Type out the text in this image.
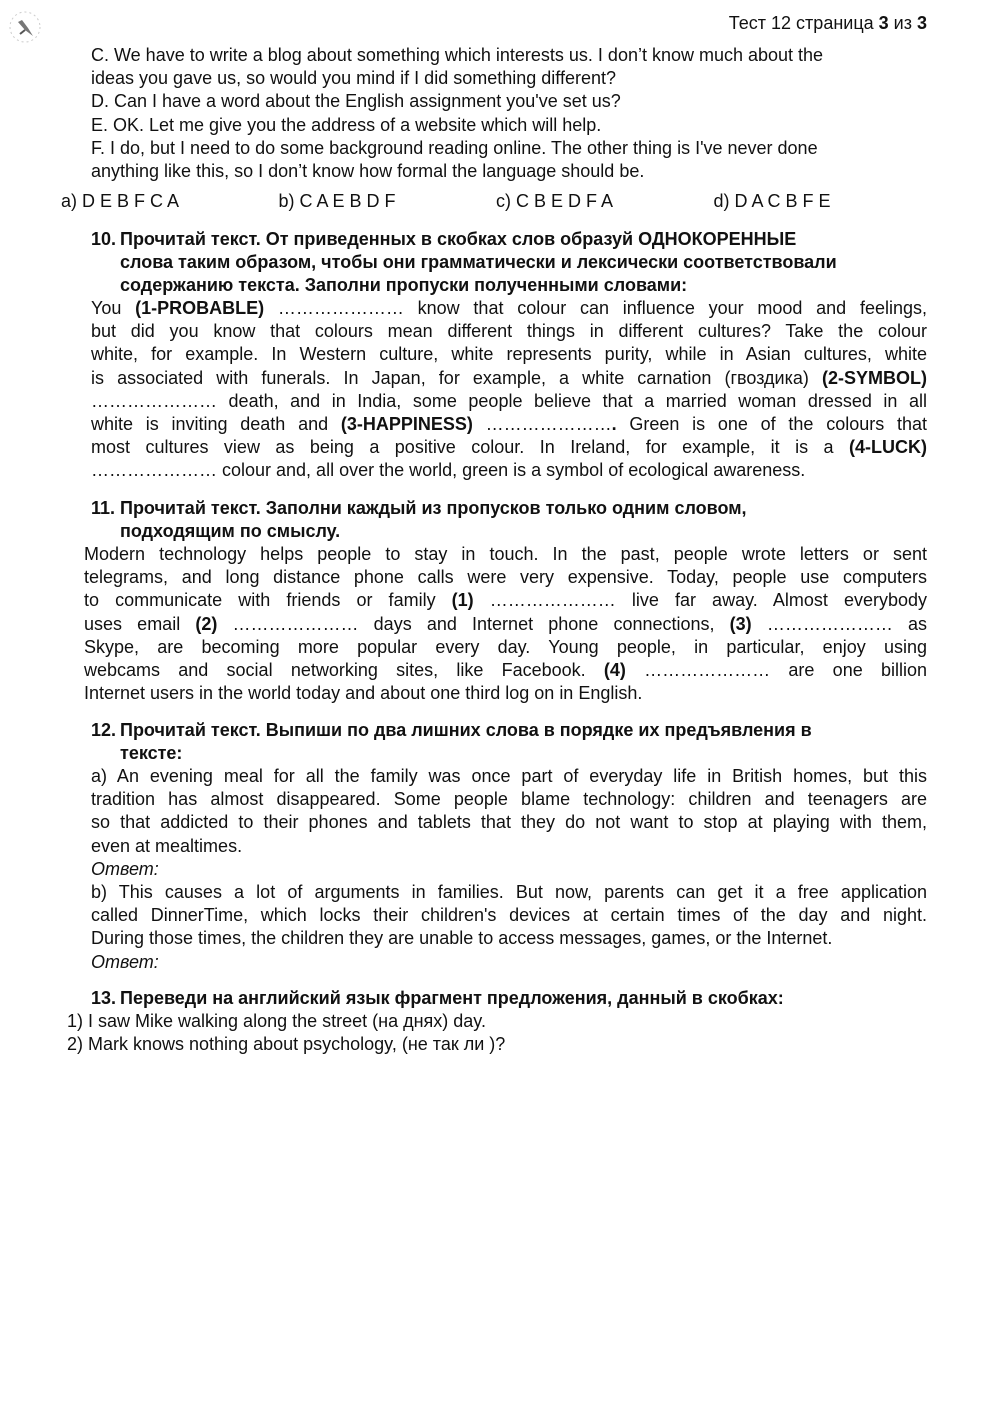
Тест 12 страница 3 из 3
C. We have to write a blog about something which interests us. I don’t know much about the
ideas you gave us, so would you mind if I did something different?
D. Can I have a word about the English assignment you've set us?
E. OK. Let me give you the address of a website which will help.
F. I do, but I need to do some background reading online. The other thing is I've never done
anything like this, so I don’t know how formal the language should be.
a) D E B F C A	b) C A E B D F	c) C B E D F A	d) D A C B F E
10. Прочитай текст. От приведенных в скобках слов образуй ОДНОКОРЕННЫЕ
слова таким образом, чтобы они грамматически и лексически соответствовали
содержанию текста. Заполни пропуски полученными словами:
You (1-PROBABLE) ………………… know that colour can influence your mood and feelings,
but did you know that colours mean different things in different cultures? Take the colour
white, for example. In Western culture, white represents purity, while in Asian cultures, white
is associated with funerals. In Japan, for example, a white carnation (гвоздика) (2-SYMBOL)
………………… death, and in India, some people believe that a married woman dressed in all
white is inviting death and (3-HAPPINESS) …………………. Green is one of the colours that
most cultures view as being a positive colour. In Ireland, for example, it is a (4-LUCK)
………………… colour and, all over the world, green is a symbol of ecological awareness.
11. Прочитай текст. Заполни каждый из пропусков только одним словом,
подходящим по смыслу.
Modern technology helps people to stay in touch. In the past, people wrote letters or sent
telegrams, and long distance phone calls were very expensive. Today, people use computers
to communicate with friends or family (1) ………………… live far away. Almost everybody
uses email (2) ………………… days and Internet phone connections, (3) ………………… as
Skype, are becoming more popular every day. Young people, in particular, enjoy using
webcams and social networking sites, like Facebook. (4) ………………… are one billion
Internet users in the world today and about one third log on in English.
12. Прочитай текст. Выпиши по два лишних слова в порядке их предъявления в
тексте:
a) An evening meal for all the family was once part of everyday life in British homes, but this
tradition has almost disappeared. Some people blame technology: children and teenagers are
so that addicted to their phones and tablets that they do not want to stop at playing with them,
even at mealtimes.
Ответ:
b) This causes a lot of arguments in families. But now, parents can get it a free application
called DinnerTime, which locks their children's devices at certain times of the day and night.
During those times, the children they are unable to access messages, games, or the Internet.
Ответ:
13. Переведи на английский язык фрагмент предложения, данный в скобках:
1) I saw Mike walking along the street (на днях) day.
2) Mark knows nothing about psychology, (не так ли )?
